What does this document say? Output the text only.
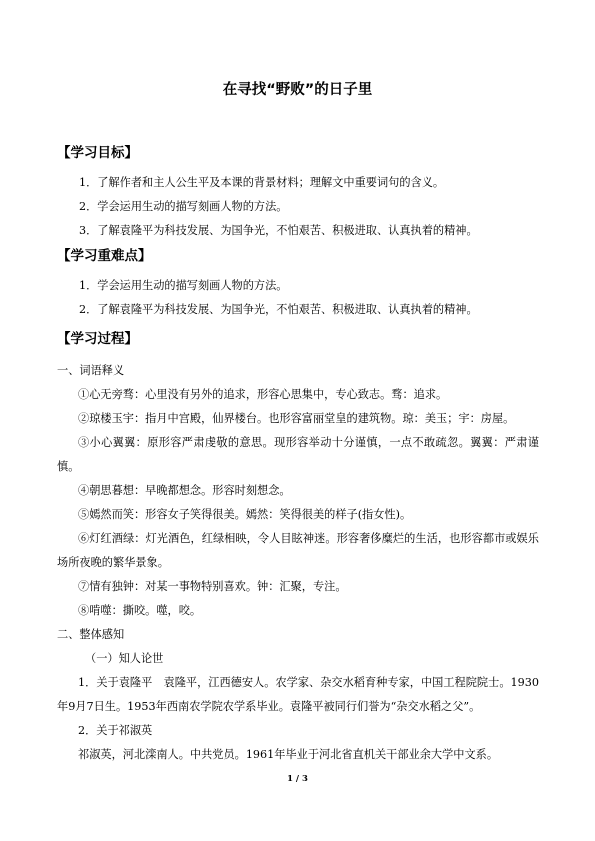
在寻找“野败”的日子里

【学习目标】

1．了解作者和主人公生平及本课的背景材料；理解文中重要词句的含义。

2．学会运用生动的描写刻画人物的方法。

3．了解袁隆平为科技发展、为国争光，不怕艰苦、积极进取、认真执着的精神。

【学习重难点】

1．学会运用生动的描写刻画人物的方法。

2．了解袁隆平为科技发展、为国争光，不怕艰苦、积极进取、认真执着的精神。

【学习过程】

一、词语释义

①心无旁骛：心里没有另外的追求，形容心思集中，专心致志。骛：追求。

②琼楼玉宇：指月中宫殿，仙界楼台。也形容富丽堂皇的建筑物。琼：美玉；宇：房屋。

③小心翼翼：原形容严肃虔敬的意思。现形容举动十分谨慎，一点不敢疏忽。翼翼：严肃谨慎。

④朝思暮想：早晚都想念。形容时刻想念。

⑤嫣然而笑：形容女子笑得很美。嫣然：笑得很美的样子(指女性)。

⑥灯红酒绿：灯光酒色，红绿相映，令人目眩神迷。形容奢侈糜烂的生活，也形容都市或娱乐场所夜晚的繁华景象。

⑦情有独钟：对某一事物特别喜欢。钟：汇聚，专注。

⑧啃噬：撕咬。噬，咬。

二、整体感知

（一）知人论世

1．关于袁隆平　 袁隆平，江西德安人。农学家、杂交水稻育种专家，中国工程院院士。1930年9月7日生。1953年西南农学院农学系毕业。袁隆平被同行们誉为“杂交水稻之父”。

2．关于祁淑英

祁淑英，河北滦南人。中共党员。1961年毕业于河北省直机关干部业余大学中文系。

1 / 3
